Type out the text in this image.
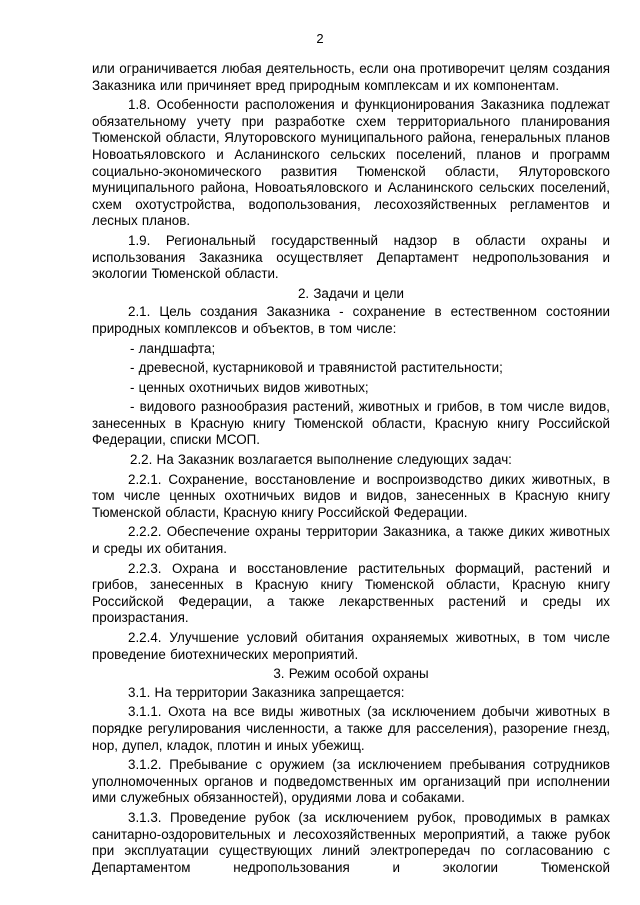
2

или ограничивается любая деятельность, если она противоречит целям создания Заказника или причиняет вред природным комплексам и их компонентам.

1.8. Особенности расположения и функционирования Заказника подлежат обязательному учету при разработке схем территориального планирования Тюменской области, Ялуторовского муниципального района, генеральных планов Новоатьяловского и Асланинского сельских поселений, планов и программ социально-экономического развития Тюменской области, Ялуторовского муниципального района, Новоатьяловского и Асланинского сельских поселений, схем охотустройства, водопользования, лесохозяйственных регламентов и лесных планов.

1.9. Региональный государственный надзор в области охраны и использования Заказника осуществляет Департамент недропользования и экологии Тюменской области.

2. Задачи и цели

2.1. Цель создания Заказника - сохранение в естественном состоянии природных комплексов и объектов, в том числе:

- ландшафта;

- древесной, кустарниковой и травянистой растительности;

- ценных охотничьих видов животных;

- видового разнообразия растений, животных и грибов, в том числе видов, занесенных в Красную книгу Тюменской области, Красную книгу Российской Федерации, списки МСОП.

2.2. На Заказник возлагается выполнение следующих задач:

2.2.1. Сохранение, восстановление и воспроизводство диких животных, в том числе ценных охотничьих видов и видов, занесенных в Красную книгу Тюменской области, Красную книгу Российской Федерации.

2.2.2. Обеспечение охраны территории Заказника, а также диких животных и среды их обитания.

2.2.3. Охрана и восстановление растительных формаций, растений и грибов, занесенных в Красную книгу Тюменской области, Красную книгу Российской Федерации, а также лекарственных растений и среды их произрастания.

2.2.4. Улучшение условий обитания охраняемых животных, в том числе проведение биотехнических мероприятий.

3. Режим особой охраны

3.1. На территории Заказника запрещается:

3.1.1. Охота на все виды животных (за исключением добычи животных в порядке регулирования численности, а также для расселения), разорение гнезд, нор, дупел, кладок, плотин и иных убежищ.

3.1.2. Пребывание с оружием (за исключением пребывания сотрудников уполномоченных органов и подведомственных им организаций при исполнении ими служебных обязанностей), орудиями лова и собаками.

3.1.3. Проведение рубок (за исключением рубок, проводимых в рамках санитарно-оздоровительных и лесохозяйственных мероприятий, а также рубок при эксплуатации существующих линий электропередач по согласованию с Департаментом недропользования и экологии Тюменской
